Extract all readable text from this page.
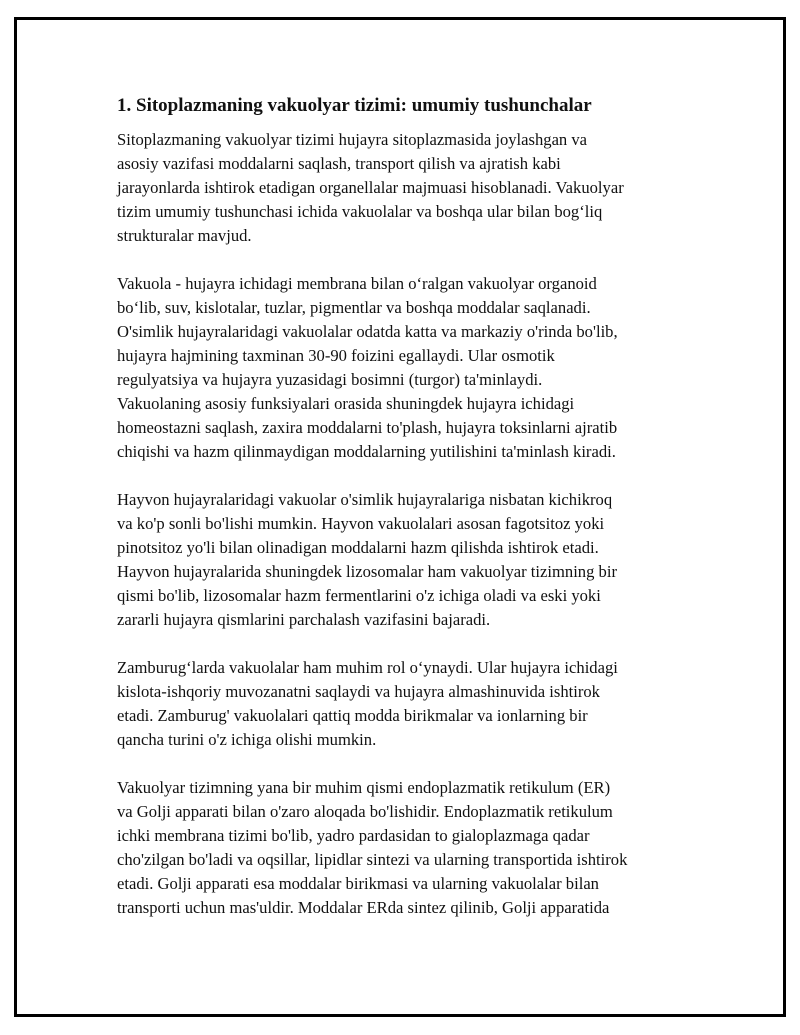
1. Sitoplazmaning vakuolyar tizimi: umumiy tushunchalar
Sitoplazmaning vakuolyar tizimi hujayra sitoplazmasida joylashgan va
asosiy vazifasi moddalarni saqlash, transport qilish va ajratish kabi
jarayonlarda ishtirok etadigan organellalar majmuasi hisoblanadi. Vakuolyar
tizim umumiy tushunchasi ichida vakuolalar va boshqa ular bilan bog‘liq
strukturalar mavjud.
Vakuola - hujayra ichidagi membrana bilan o‘ralgan vakuolyar organoid
bo‘lib, suv, kislotalar, tuzlar, pigmentlar va boshqa moddalar saqlanadi.
O'simlik hujayralaridagi vakuolalar odatda katta va markaziy o'rinda bo'lib,
hujayra hajmining taxminan 30-90 foizini egallaydi. Ular osmotik
regulyatsiya va hujayra yuzasidagi bosimni (turgor) ta'minlaydi.
Vakuolaning asosiy funksiyalari orasida shuningdek hujayra ichidagi
homeostazni saqlash, zaxira moddalarni to'plash, hujayra toksinlarni ajratib
chiqishi va hazm qilinmaydigan moddalarning yutilishini ta'minlash kiradi.
Hayvon hujayralaridagi vakuolar o'simlik hujayralariga nisbatan kichikroq
va ko'p sonli bo'lishi mumkin. Hayvon vakuolalari asosan fagotsitoz yoki
pinotsitoz yo'li bilan olinadigan moddalarni hazm qilishda ishtirok etadi.
Hayvon hujayralarida shuningdek lizosomalar ham vakuolyar tizimning bir
qismi bo'lib, lizosomalar hazm fermentlarini o'z ichiga oladi va eski yoki
zararli hujayra qismlarini parchalash vazifasini bajaradi.
Zamburug‘larda vakuolalar ham muhim rol o‘ynaydi. Ular hujayra ichidagi
kislota-ishqoriy muvozanatni saqlaydi va hujayra almashinuvida ishtirok
etadi. Zamburug' vakuolalari qattiq modda birikmalar va ionlarning bir
qancha turini o'z ichiga olishi mumkin.
Vakuolyar tizimning yana bir muhim qismi endoplazmatik retikulum (ER)
va Golji apparati bilan o'zaro aloqada bo'lishidir. Endoplazmatik retikulum
ichki membrana tizimi bo'lib, yadro pardasidan to gialoplazmaga qadar
cho'zilgan bo'ladi va oqsillar, lipidlar sintezi va ularning transportida ishtirok
etadi. Golji apparati esa moddalar birikmasi va ularning vakuolalar bilan
transporti uchun mas'uldir. Moddalar ERda sintez qilinib, Golji apparatida
